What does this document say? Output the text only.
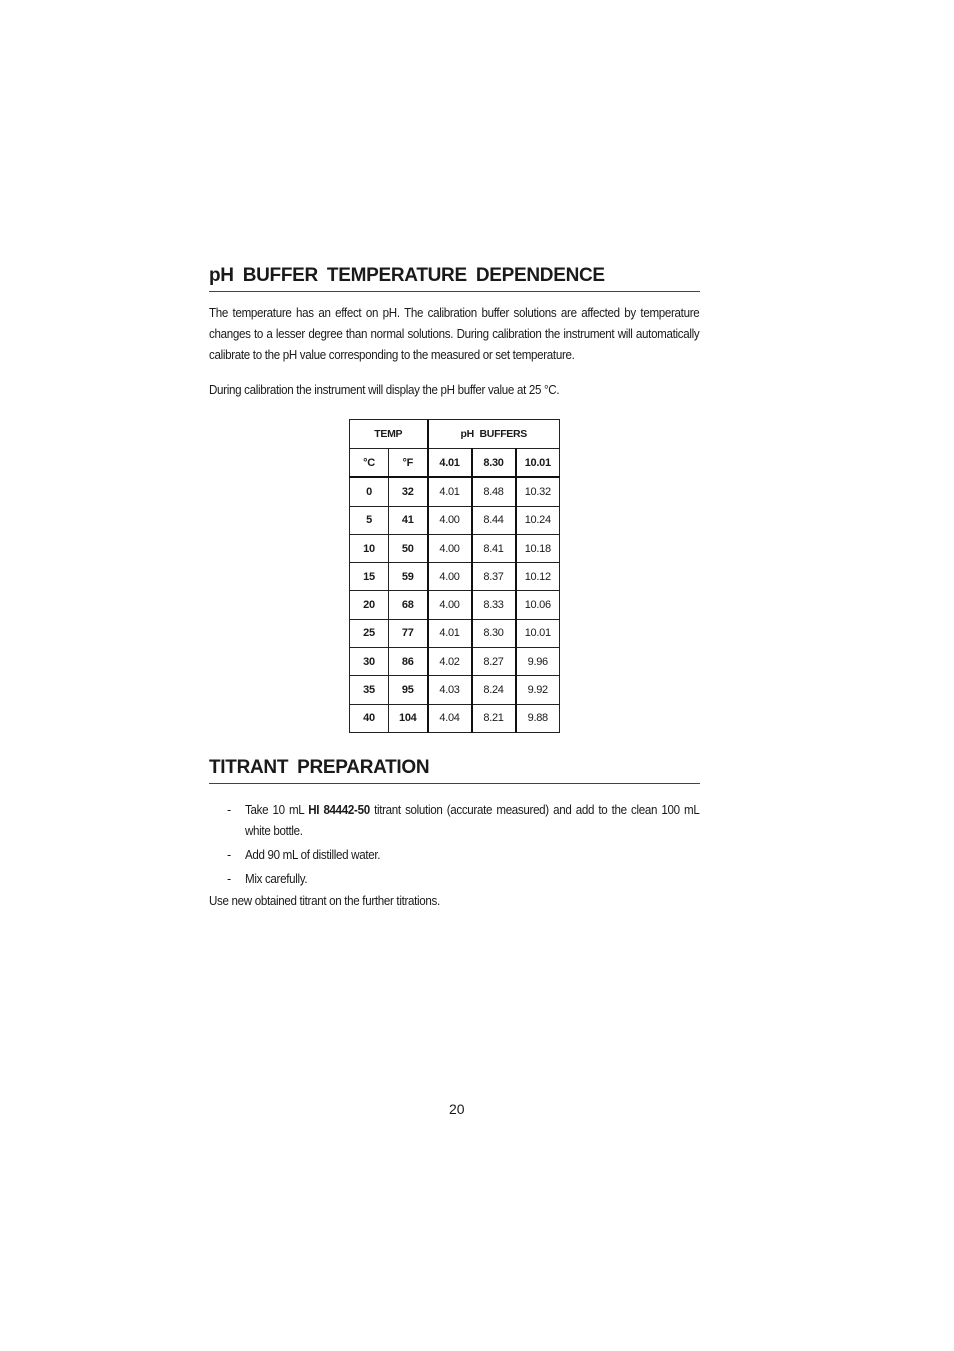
pH BUFFER TEMPERATURE DEPENDENCE
The temperature has an effect on pH. The calibration buffer solutions are affected by temperature changes to a lesser degree than normal solutions. During calibration the instrument will automatically calibrate to the pH value corresponding to the measured or set temperature.
During calibration the instrument will display the pH buffer value at 25 °C.
TEMP		pH BUFFERS		
°C	°F	4.01	8.30	10.01
0	32	4.01	8.48	10.32
5	41	4.00	8.44	10.24
10	50	4.00	8.41	10.18
15	59	4.00	8.37	10.12
20	68	4.00	8.33	10.06
25	77	4.01	8.30	10.01
30	86	4.02	8.27	9.96
35	95	4.03	8.24	9.92
40	104	4.04	8.21	9.88
TITRANT PREPARATION
- Take 10 mL HI 84442-50 titrant solution (accurate measured) and add to the clean 100 mL white bottle.
- Add 90 mL of distilled water.
- Mix carefully.
Use new obtained titrant on the further titrations.
20
